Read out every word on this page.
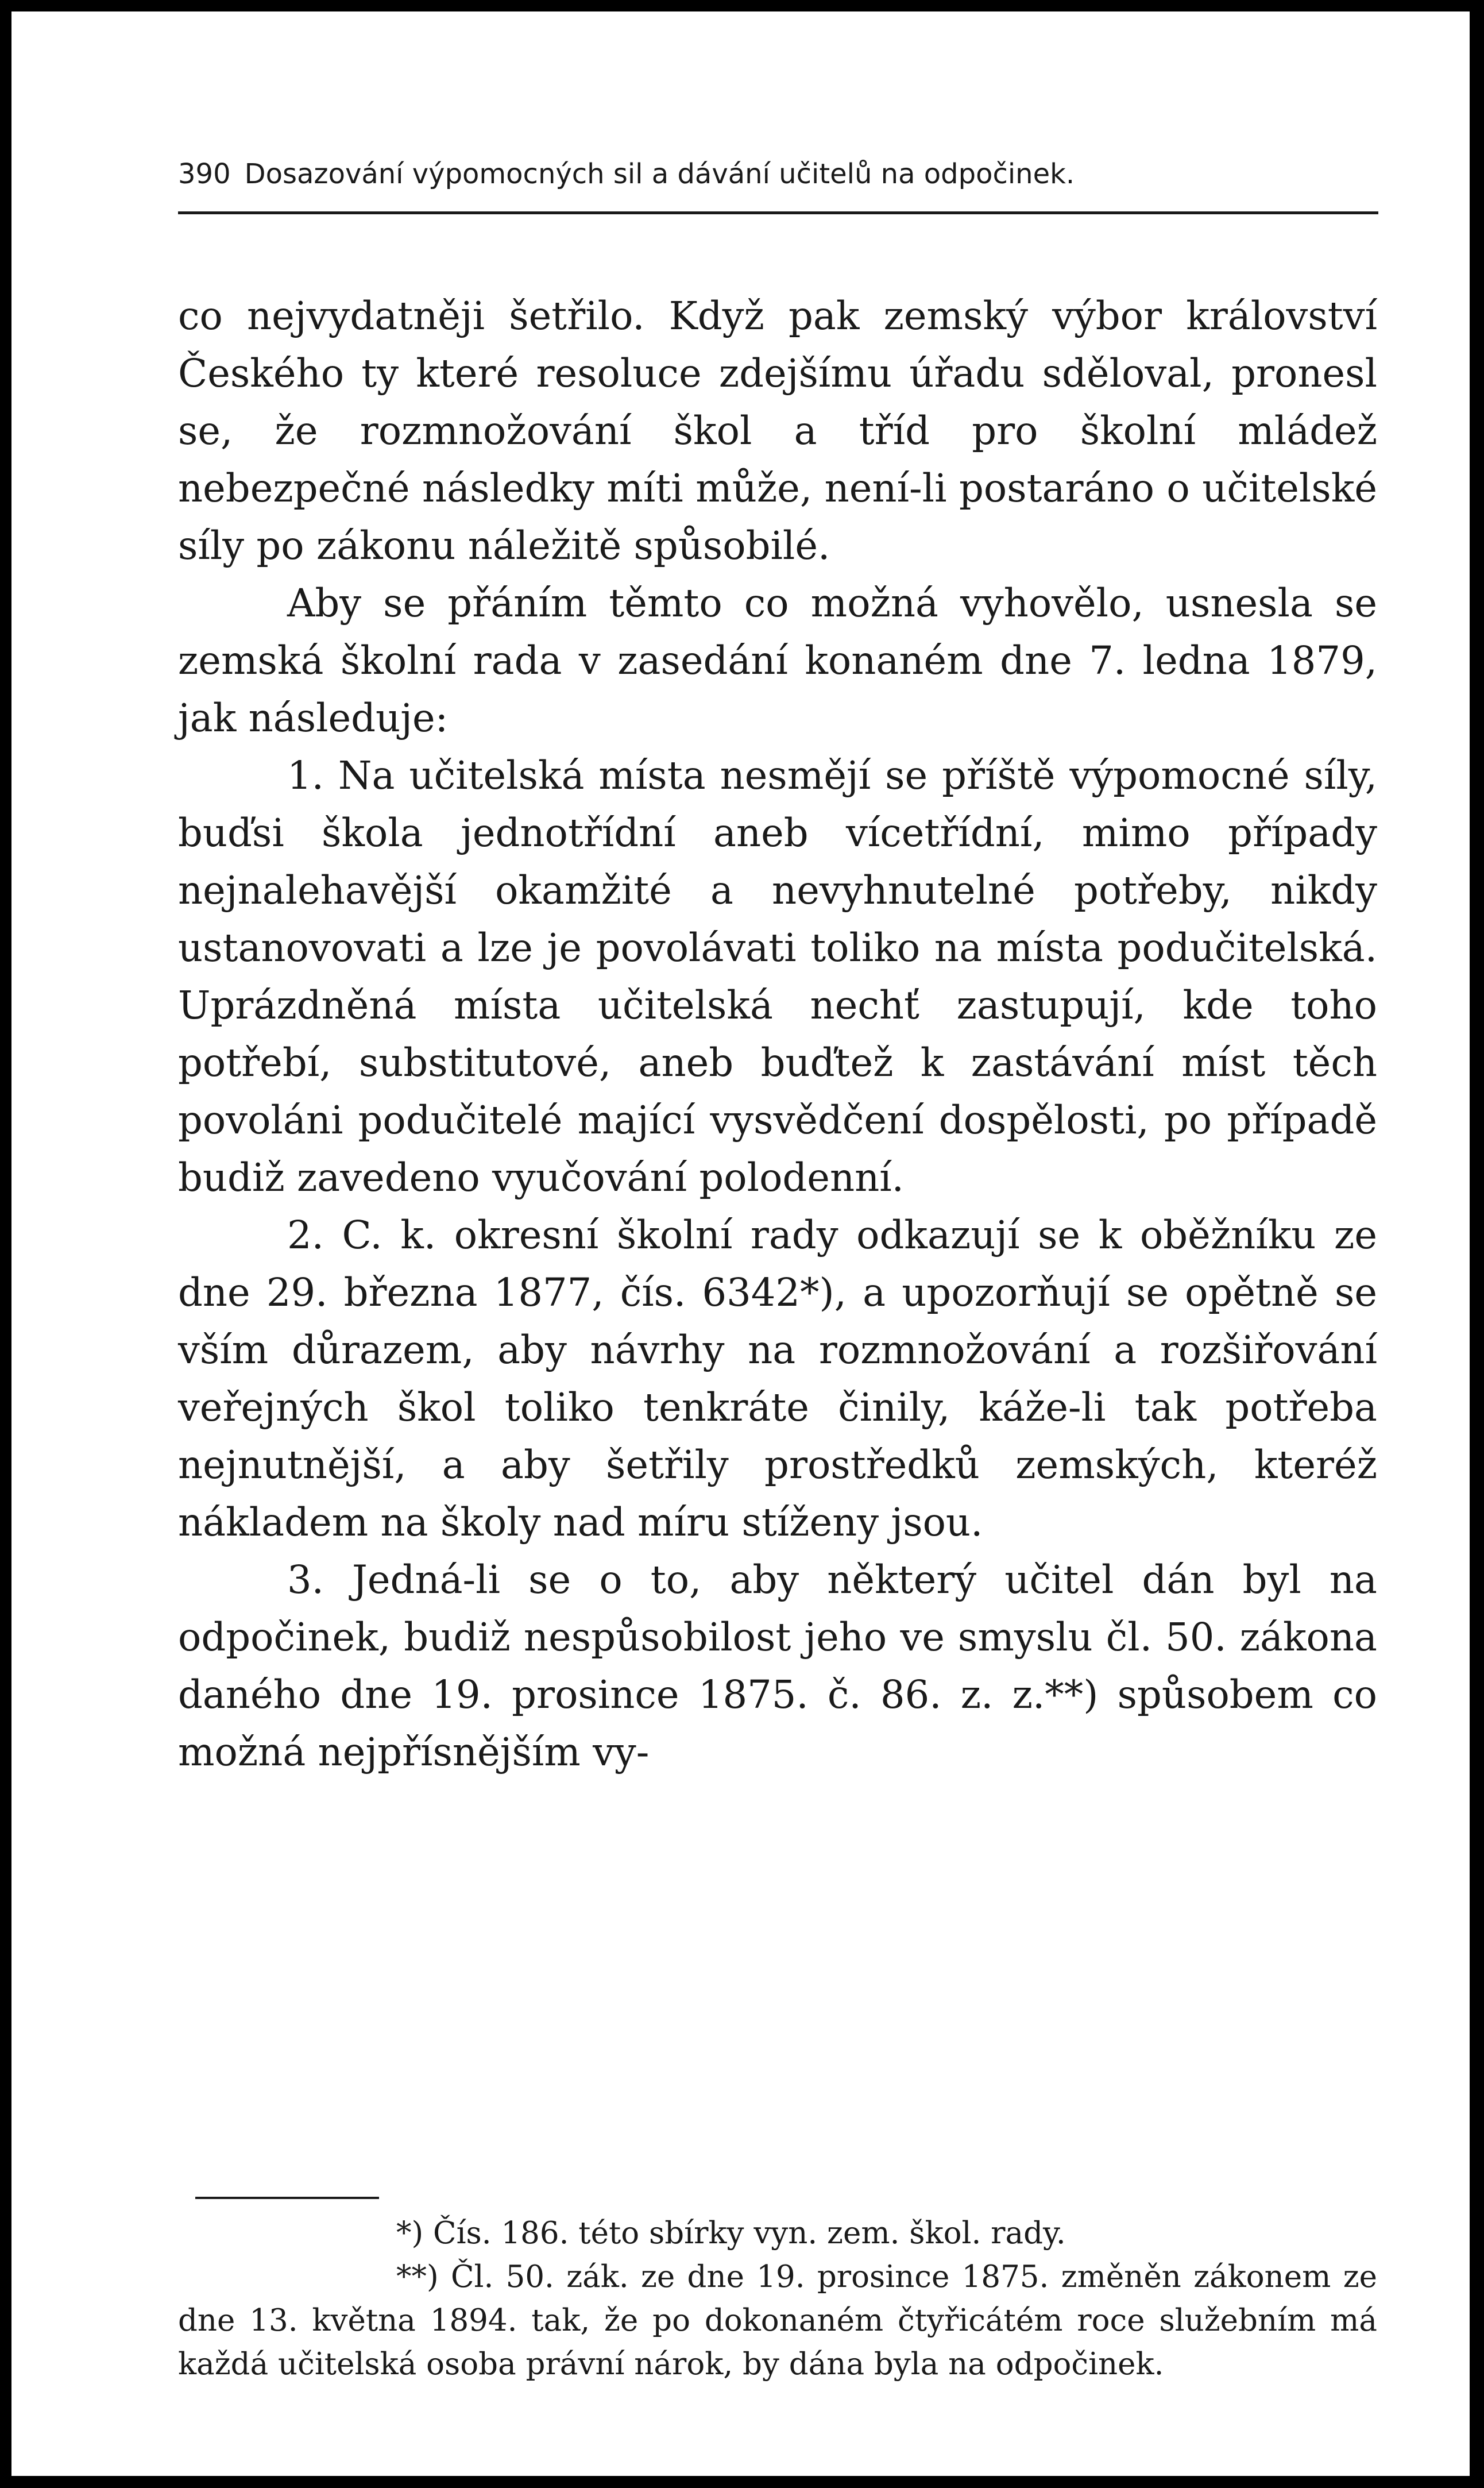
390 Dosazování výpomocných sil a dávání učitelů na odpočinek.

co nejvydatněji šetřilo. Když pak zemský výbor království Českého ty které resoluce zdejšímu úřadu sděloval, pronesl se, že rozmnožování škol a tříd pro školní mládež nebezpečné následky míti může, není-li postaráno o učitelské síly po zákonu náležitě spůsobilé.

Aby se přáním těmto co možná vyhovělo, usnesla se zemská školní rada v zasedání konaném dne 7. ledna 1879, jak následuje:

1. Na učitelská místa nesmějí se příště výpomocné síly, buďsi škola jednotřídní aneb vícetřídní, mimo případy nejnalehavější okamžité a nevyhnutelné potřeby, nikdy ustanovovati a lze je povolávati toliko na místa podučitelská. Uprázdněná místa učitelská nechť zastupují, kde toho potřebí, substitutové, aneb buďtež k zastávání míst těch povoláni podučitelé mající vysvědčení dospělosti, po případě budiž zavedeno vyučování polodenní.

2. C. k. okresní školní rady odkazují se k oběžníku ze dne 29. března 1877, čís. 6342*), a upozorňují se opětně se vším důrazem, aby návrhy na rozmnožování a rozšiřování veřejných škol toliko tenkráte činily, káže-li tak potřeba nejnutnější, a aby šetřily prostředků zemských, kteréž nákladem na školy nad míru stíženy jsou.

3. Jedná-li se o to, aby některý učitel dán byl na odpočinek, budiž nespůsobilost jeho ve smyslu čl. 50. zákona daného dne 19. prosince 1875. č. 86. z. z.**) spůsobem co možná nejpřísnějším vy-

*) Čís. 186. této sbírky vyn. zem. škol. rady.

**) Čl. 50. zák. ze dne 19. prosince 1875. změněn zákonem ze dne 13. května 1894. tak, že po dokonaném čtyřicátém roce služebním má každá učitelská osoba právní nárok, by dána byla na odpočinek.
